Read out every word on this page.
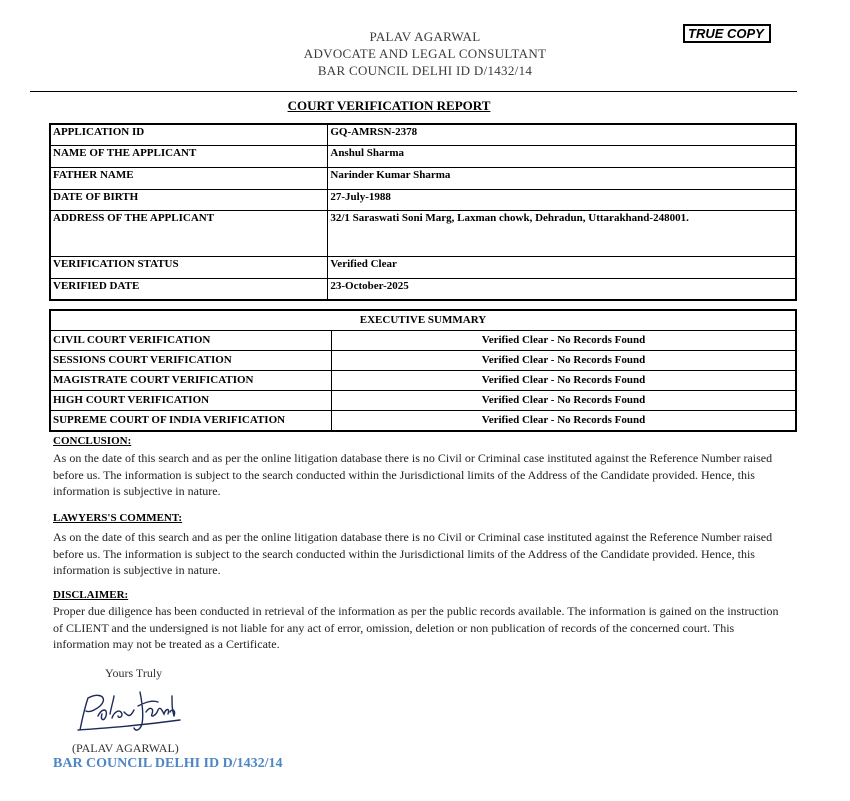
PALAV AGARWAL
ADVOCATE AND LEGAL CONSULTANT
BAR COUNCIL DELHI ID D/1432/14
TRUE COPY
COURT VERIFICATION REPORT
APPLICATION ID	GQ-AMRSN-2378
NAME OF THE APPLICANT	Anshul Sharma
FATHER NAME	Narinder Kumar Sharma
DATE OF BIRTH	27-July-1988
ADDRESS OF THE APPLICANT	32/1 Saraswati Soni Marg, Laxman chowk, Dehradun, Uttarakhand-248001.
VERIFICATION STATUS	Verified Clear
VERIFIED DATE	23-October-2025
EXECUTIVE SUMMARY	
CIVIL COURT VERIFICATION	Verified Clear - No Records Found
SESSIONS COURT VERIFICATION	Verified Clear - No Records Found
MAGISTRATE COURT VERIFICATION	Verified Clear - No Records Found
HIGH COURT VERIFICATION	Verified Clear - No Records Found
SUPREME COURT OF INDIA VERIFICATION	Verified Clear - No Records Found
CONCLUSION:
As on the date of this search and as per the online litigation database there is no Civil or Criminal case instituted against the Reference Number raised before us. The information is subject to the search conducted within the Jurisdictional limits of the Address of the Candidate provided. Hence, this information is subjective in nature.
LAWYERS'S COMMENT:
As on the date of this search and as per the online litigation database there is no Civil or Criminal case instituted against the Reference Number raised before us. The information is subject to the search conducted within the Jurisdictional limits of the Address of the Candidate provided. Hence, this information is subjective in nature.
DISCLAIMER:
Proper due diligence has been conducted in retrieval of the information as per the public records available. The information is gained on the instruction of CLIENT and the undersigned is not liable for any act of error, omission, deletion or non publication of records of the concerned court. This information may not be treated as a Certificate.
Yours Truly
(PALAV AGARWAL)
BAR COUNCIL DELHI ID D/1432/14
